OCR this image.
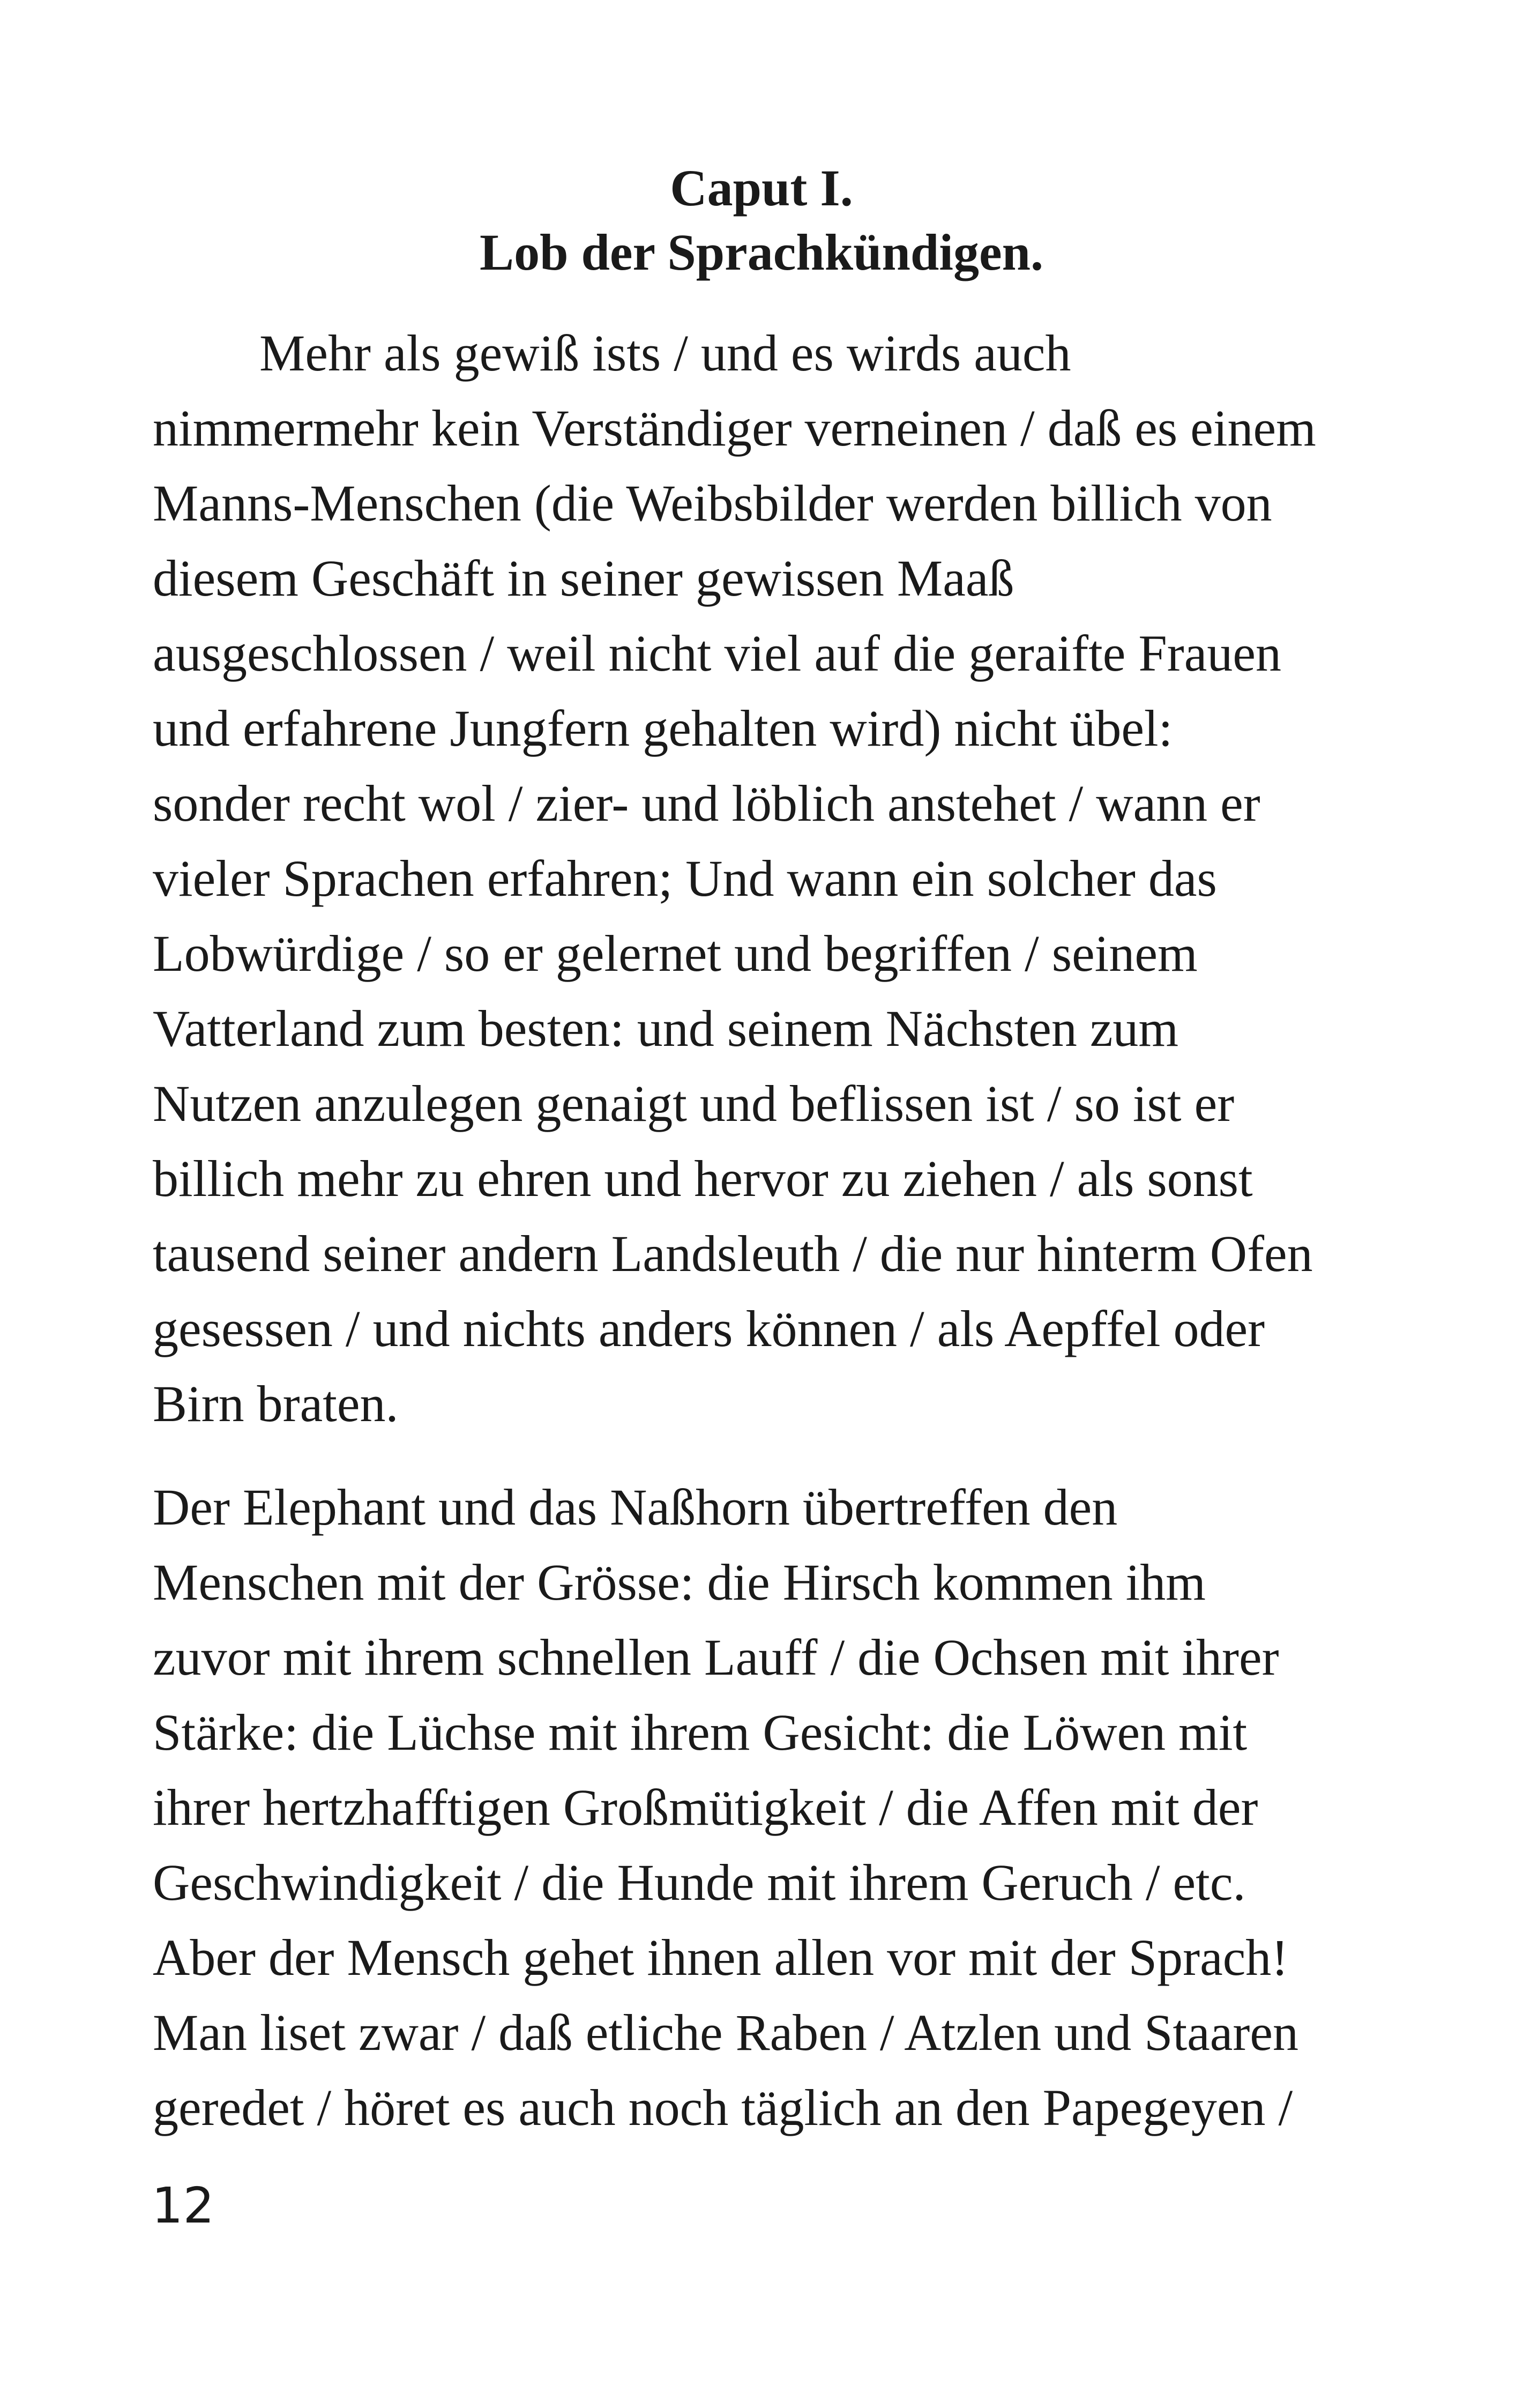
Caput I.
Lob der Sprachkündigen.
Mehr als gewiß ists / und es wirds auch
nimmermehr kein Verständiger verneinen / daß es einem
Manns-Menschen (die Weibsbilder werden billich von
diesem Geschäft in seiner gewissen Maaß
ausgeschlossen / weil nicht viel auf die geraifte Frauen
und erfahrene Jungfern gehalten wird) nicht übel:
sonder recht wol / zier- und löblich anstehet / wann er
vieler Sprachen erfahren; Und wann ein solcher das
Lobwürdige / so er gelernet und begriffen / seinem
Vatterland zum besten: und seinem Nächsten zum
Nutzen anzulegen genaigt und beflissen ist / so ist er
billich mehr zu ehren und hervor zu ziehen / als sonst
tausend seiner andern Landsleuth / die nur hinterm Ofen
gesessen / und nichts anders können / als Aepffel oder
Birn braten.
Der Elephant und das Naßhorn übertreffen den
Menschen mit der Grösse: die Hirsch kommen ihm
zuvor mit ihrem schnellen Lauff / die Ochsen mit ihrer
Stärke: die Lüchse mit ihrem Gesicht: die Löwen mit
ihrer hertzhafftigen Großmütigkeit / die Affen mit der
Geschwindigkeit / die Hunde mit ihrem Geruch / etc.
Aber der Mensch gehet ihnen allen vor mit der Sprach!
Man liset zwar / daß etliche Raben / Atzlen und Staaren
geredet / höret es auch noch täglich an den Papegeyen /
12
